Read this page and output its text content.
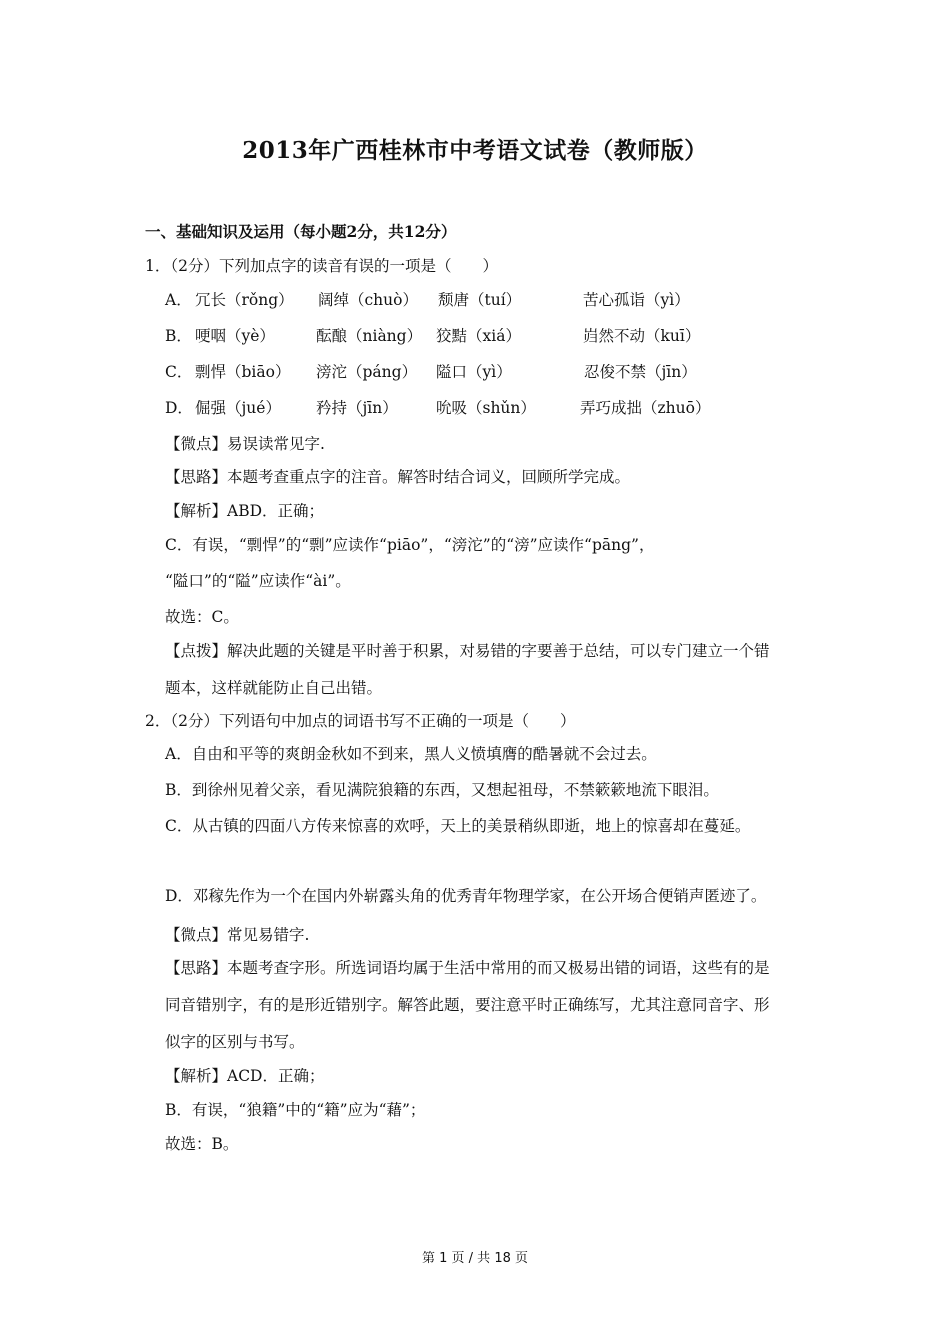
2013年广西桂林市中考语文试卷（教师版）
一、基础知识及运用（每小题2分，共12分）
1．（2分）下列加点字的读音有误的一项是（　　）
A． 冗长（rǒng） 阔绰（chuò） 颓唐（tuí）	苦心孤诣（yì）
B． 哽咽（yè）	酝酿（niàng） 狡黠（xiá）	岿然不动（kuī）
C． 剽悍（biāo） 滂沱（páng） 隘口（yì）	忍俊不禁（jīn）
D． 倔强（jué） 矜持（jīn） 吮吸（shǔn）	弄巧成拙（zhuō）
【微点】易误读常见字.
【思路】本题考查重点字的注音。解答时结合词义，回顾所学完成。
【解析】ABD．正确；
C．有误，“剽悍”的“剽”应读作“piāo”，“滂沱”的“滂”应读作“pāng”，
“隘口”的“隘”应读作“ài”。
故选：C。
【点拨】解决此题的关键是平时善于积累，对易错的字要善于总结，可以专门建立一个错
题本，这样就能防止自己出错。
2．（2分）下列语句中加点的词语书写不正确的一项是（　　）
A．自由和平等的爽朗金秋如不到来，黑人义愤填膺的酷暑就不会过去。
B．到徐州见着父亲，看见满院狼籍的东西，又想起祖母，不禁簌簌地流下眼泪。
C．从古镇的四面八方传来惊喜的欢呼，天上的美景稍纵即逝，地上的惊喜却在蔓延。
D．邓稼先作为一个在国内外崭露头角的优秀青年物理学家，在公开场合便销声匿迹了。
【微点】常见易错字.
【思路】本题考查字形。所选词语均属于生活中常用的而又极易出错的词语，这些有的是
同音错别字，有的是形近错别字。解答此题，要注意平时正确练写，尤其注意同音字、形
似字的区别与书写。
【解析】ACD．正确；
B．有误，“狼籍”中的“籍”应为“藉”；
故选：B。
第 1 页 / 共 18 页
